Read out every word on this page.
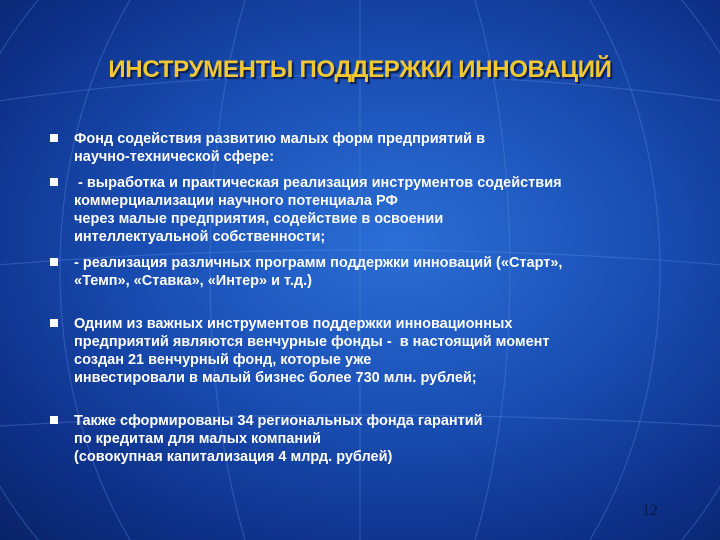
ИНСТРУМЕНТЫ ПОДДЕРЖКИ ИННОВАЦИЙ
Фонд содействия развитию малых форм предприятий в
научно-технической сфере:
- выработка и практическая реализация инструментов содействия
коммерциализации научного потенциала РФ
через малые предприятия, содействие в освоении
интеллектуальной собственности;
- реализация различных программ поддержки инноваций («Старт»,
«Темп», «Ставка», «Интер» и т.д.)
Одним из важных инструментов поддержки инновационных
предприятий являются венчурные фонды -  в настоящий момент
создан 21 венчурный фонд, которые уже
инвестировали в малый бизнес более 730 млн. рублей;
Также сформированы 34 региональных фонда гарантий
по кредитам для малых компаний
(совокупная капитализация 4 млрд. рублей)
12
